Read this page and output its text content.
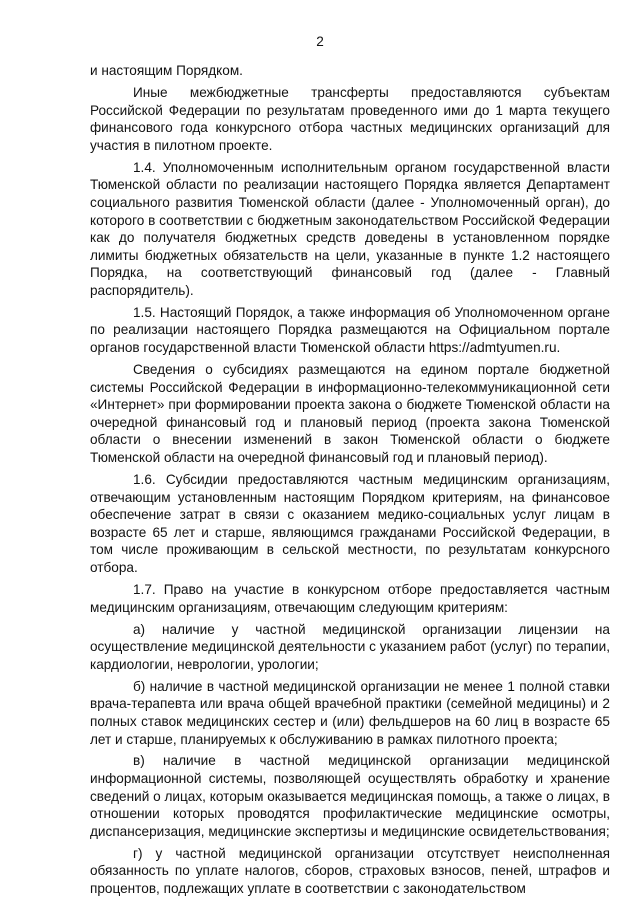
2

и настоящим Порядком.

Иные межбюджетные трансферты предоставляются субъектам Российской Федерации по результатам проведенного ими до 1 марта текущего финансового года конкурсного отбора частных медицинских организаций для участия в пилотном проекте.

1.4. Уполномоченным исполнительным органом государственной власти Тюменской области по реализации настоящего Порядка является Департамент социального развития Тюменской области (далее - Уполномоченный орган), до которого в соответствии с бюджетным законодательством Российской Федерации как до получателя бюджетных средств доведены в установленном порядке лимиты бюджетных обязательств на цели, указанные в пункте 1.2 настоящего Порядка, на соответствующий финансовый год (далее - Главный распорядитель).

1.5. Настоящий Порядок, а также информация об Уполномоченном органе по реализации настоящего Порядка размещаются на Официальном портале органов государственной власти Тюменской области https://admtyumen.ru.

Сведения о субсидиях размещаются на едином портале бюджетной системы Российской Федерации в информационно-телекоммуникационной сети «Интернет» при формировании проекта закона о бюджете Тюменской области на очередной финансовый год и плановый период (проекта закона Тюменской области о внесении изменений в закон Тюменской области о бюджете Тюменской области на очередной финансовый год и плановый период).

1.6. Субсидии предоставляются частным медицинским организациям, отвечающим установленным настоящим Порядком критериям, на финансовое обеспечение затрат в связи с оказанием медико-социальных услуг лицам в возрасте 65 лет и старше, являющимся гражданами Российской Федерации, в том числе проживающим в сельской местности, по результатам конкурсного отбора.

1.7. Право на участие в конкурсном отборе предоставляется частным медицинским организациям, отвечающим следующим критериям:

а) наличие у частной медицинской организации лицензии на осуществление медицинской деятельности с указанием работ (услуг) по терапии, кардиологии, неврологии, урологии;

б) наличие в частной медицинской организации не менее 1 полной ставки врача-терапевта или врача общей врачебной практики (семейной медицины) и 2 полных ставок медицинских сестер и (или) фельдшеров на 60 лиц в возрасте 65 лет и старше, планируемых к обслуживанию в рамках пилотного проекта;

в) наличие в частной медицинской организации медицинской информационной системы, позволяющей осуществлять обработку и хранение сведений о лицах, которым оказывается медицинская помощь, а также о лицах, в отношении которых проводятся профилактические медицинские осмотры, диспансеризация, медицинские экспертизы и медицинские освидетельствования;

г) у частной медицинской организации отсутствует неисполненная обязанность по уплате налогов, сборов, страховых взносов, пеней, штрафов и процентов, подлежащих уплате в соответствии с законодательством
